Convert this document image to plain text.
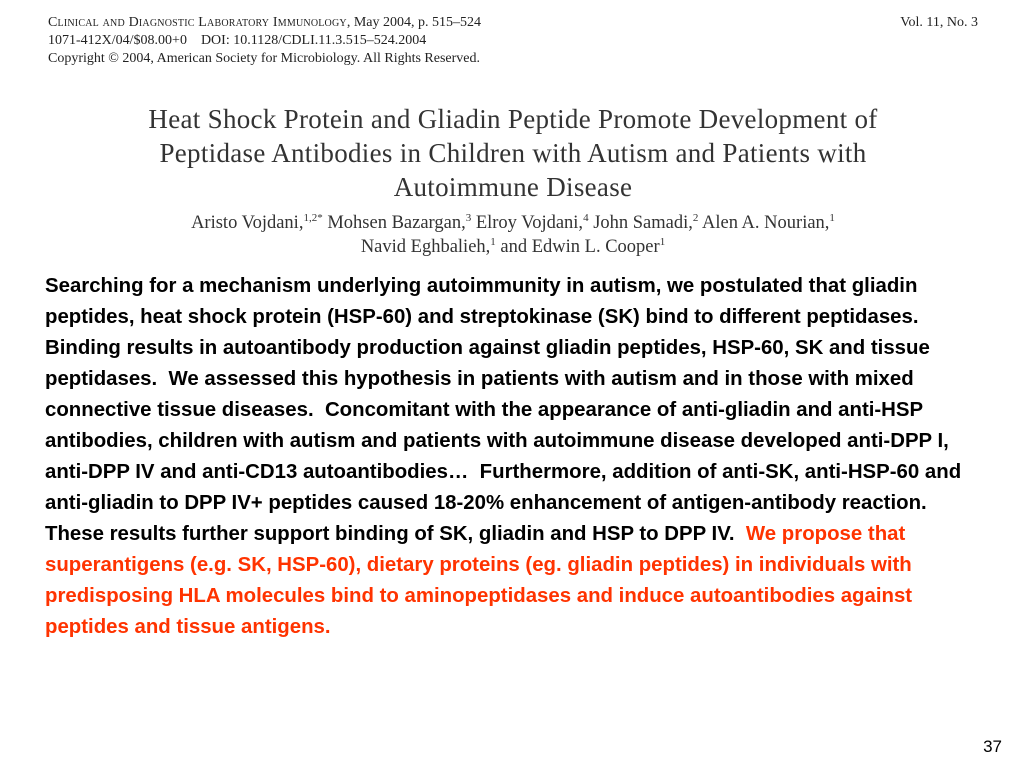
Clinical and Diagnostic Laboratory Immunology, May 2004, p. 515–524	Vol. 11, No. 3
1071-412X/04/$08.00+0    DOI: 10.1128/CDLI.11.3.515–524.2004
Copyright © 2004, American Society for Microbiology. All Rights Reserved.
Heat Shock Protein and Gliadin Peptide Promote Development of
Peptidase Antibodies in Children with Autism and Patients with
Autoimmune Disease
Aristo Vojdani,$^{1,2*}$ Mohsen Bazargan,$^3$ Elroy Vojdani,$^4$ John Samadi,$^2$ Alen A. Nourian,$^1$
Navid Eghbalieh,$^1$ and Edwin L. Cooper$^1$
Searching for a mechanism underlying autoimmunity in autism, we postulated that gliadin peptides, heat shock protein (HSP-60) and streptokinase (SK) bind to different peptidases.  Binding results in autoantibody production against gliadin peptides, HSP-60, SK and tissue peptidases.  We assessed this hypothesis in patients with autism and in those with mixed connective tissue diseases.  Concomitant with the appearance of anti-gliadin and anti-HSP antibodies, children with autism and patients with autoimmune disease developed anti-DPP I, anti-DPP IV and anti-CD13 autoantibodies…  Furthermore, addition of anti-SK, anti-HSP-60 and anti-gliadin to DPP IV+ peptides caused 18-20% enhancement of antigen-antibody reaction.  These results further support binding of SK, gliadin and HSP to DPP IV.  We propose that superantigens (e.g. SK, HSP-60), dietary proteins (eg. gliadin peptides) in individuals with predisposing HLA molecules bind to aminopeptidases and induce autoantibodies against peptides and tissue antigens.
37
